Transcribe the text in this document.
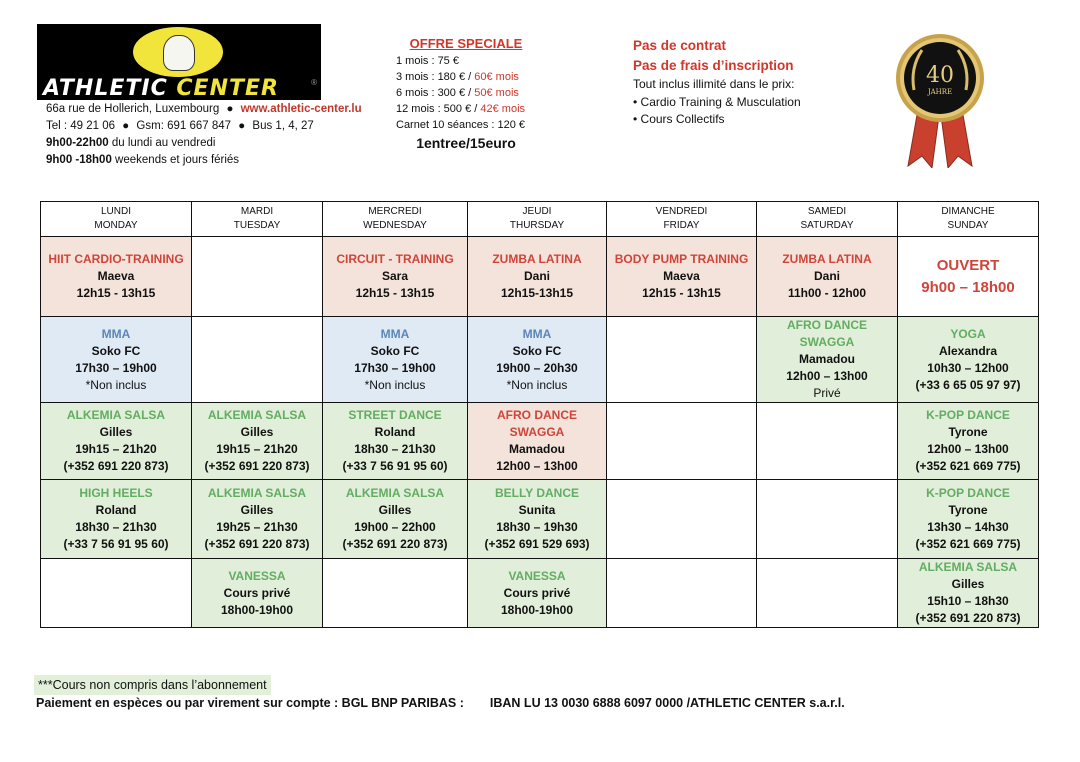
ATHLETIC CENTER	®
66a rue de Hollerich, Luxembourg ● www.athletic-center.lu
Tel : 49 21 06 ● Gsm: 691 667 847 ● Bus 1, 4, 27
9h00-22h00 du lundi au vendredi
9h00 -18h00 weekends et jours fériés
OFFRE SPECIALE
1 mois : 75 €
3 mois : 180 € / 60€ mois
6 mois : 300 € / 50€ mois
12 mois : 500 € / 42€ mois
Carnet 10 séances : 120 €
1entree/15euro
Pas de contrat
Pas de frais d’inscription
Tout inclus illimité dans le prix:
• Cardio Training & Musculation
• Cours Collectifs
40
JAHRE
LUNDI
MONDAY	MARDI
TUESDAY	MERCREDI
WEDNESDAY	JEUDI
THURSDAY	VENDREDI
FRIDAY	SAMEDI
SATURDAY	DIMANCHE
SUNDAY

HIIT CARDIO-TRAINING
Maeva
12h15 - 13h15		CIRCUIT - TRAINING
Sara
12h15 - 13h15	ZUMBA LATINA
Dani
12h15-13h15	BODY PUMP TRAINING
Maeva
12h15 - 13h15	ZUMBA LATINA
Dani
11h00 - 12h00	OUVERT
9h00 – 18h00

MMA
Soko FC
17h30 – 19h00
*Non inclus		MMA
Soko FC
17h30 – 19h00
*Non inclus	MMA
Soko FC
19h00 – 20h30
*Non inclus		AFRO DANCE
SWAGGA
Mamadou
12h00 – 13h00
Privé	YOGA
Alexandra
10h30 – 12h00
(+33 6 65 05 97 97)

ALKEMIA SALSA
Gilles
19h15 – 21h20
(+352 691 220 873)	ALKEMIA SALSA
Gilles
19h15 – 21h20
(+352 691 220 873)	STREET DANCE
Roland
18h30 – 21h30
(+33 7 56 91 95 60)	AFRO DANCE
SWAGGA
Mamadou
12h00 – 13h00			K-POP DANCE
Tyrone
12h00 – 13h00
(+352 621 669 775)

HIGH HEELS
Roland
18h30 – 21h30
(+33 7 56 91 95 60)	ALKEMIA SALSA
Gilles
19h25 – 21h30
(+352 691 220 873)	ALKEMIA SALSA
Gilles
19h00 – 22h00
(+352 691 220 873)	BELLY DANCE
Sunita
18h30 – 19h30
(+352 691 529 693)			K-POP DANCE
Tyrone
13h30 – 14h30
(+352 621 669 775)

	VANESSA
Cours privé
18h00-19h00		VANESSA
Cours privé
18h00-19h00			ALKEMIA SALSA
Gilles
15h10 – 18h30
(+352 691 220 873)
***Cours non compris dans l’abonnement
Paiement en espèces ou par virement sur compte : BGL BNP PARIBAS : IBAN LU 13 0030 6888 6097 0000 /ATHLETIC CENTER s.a.r.l.
